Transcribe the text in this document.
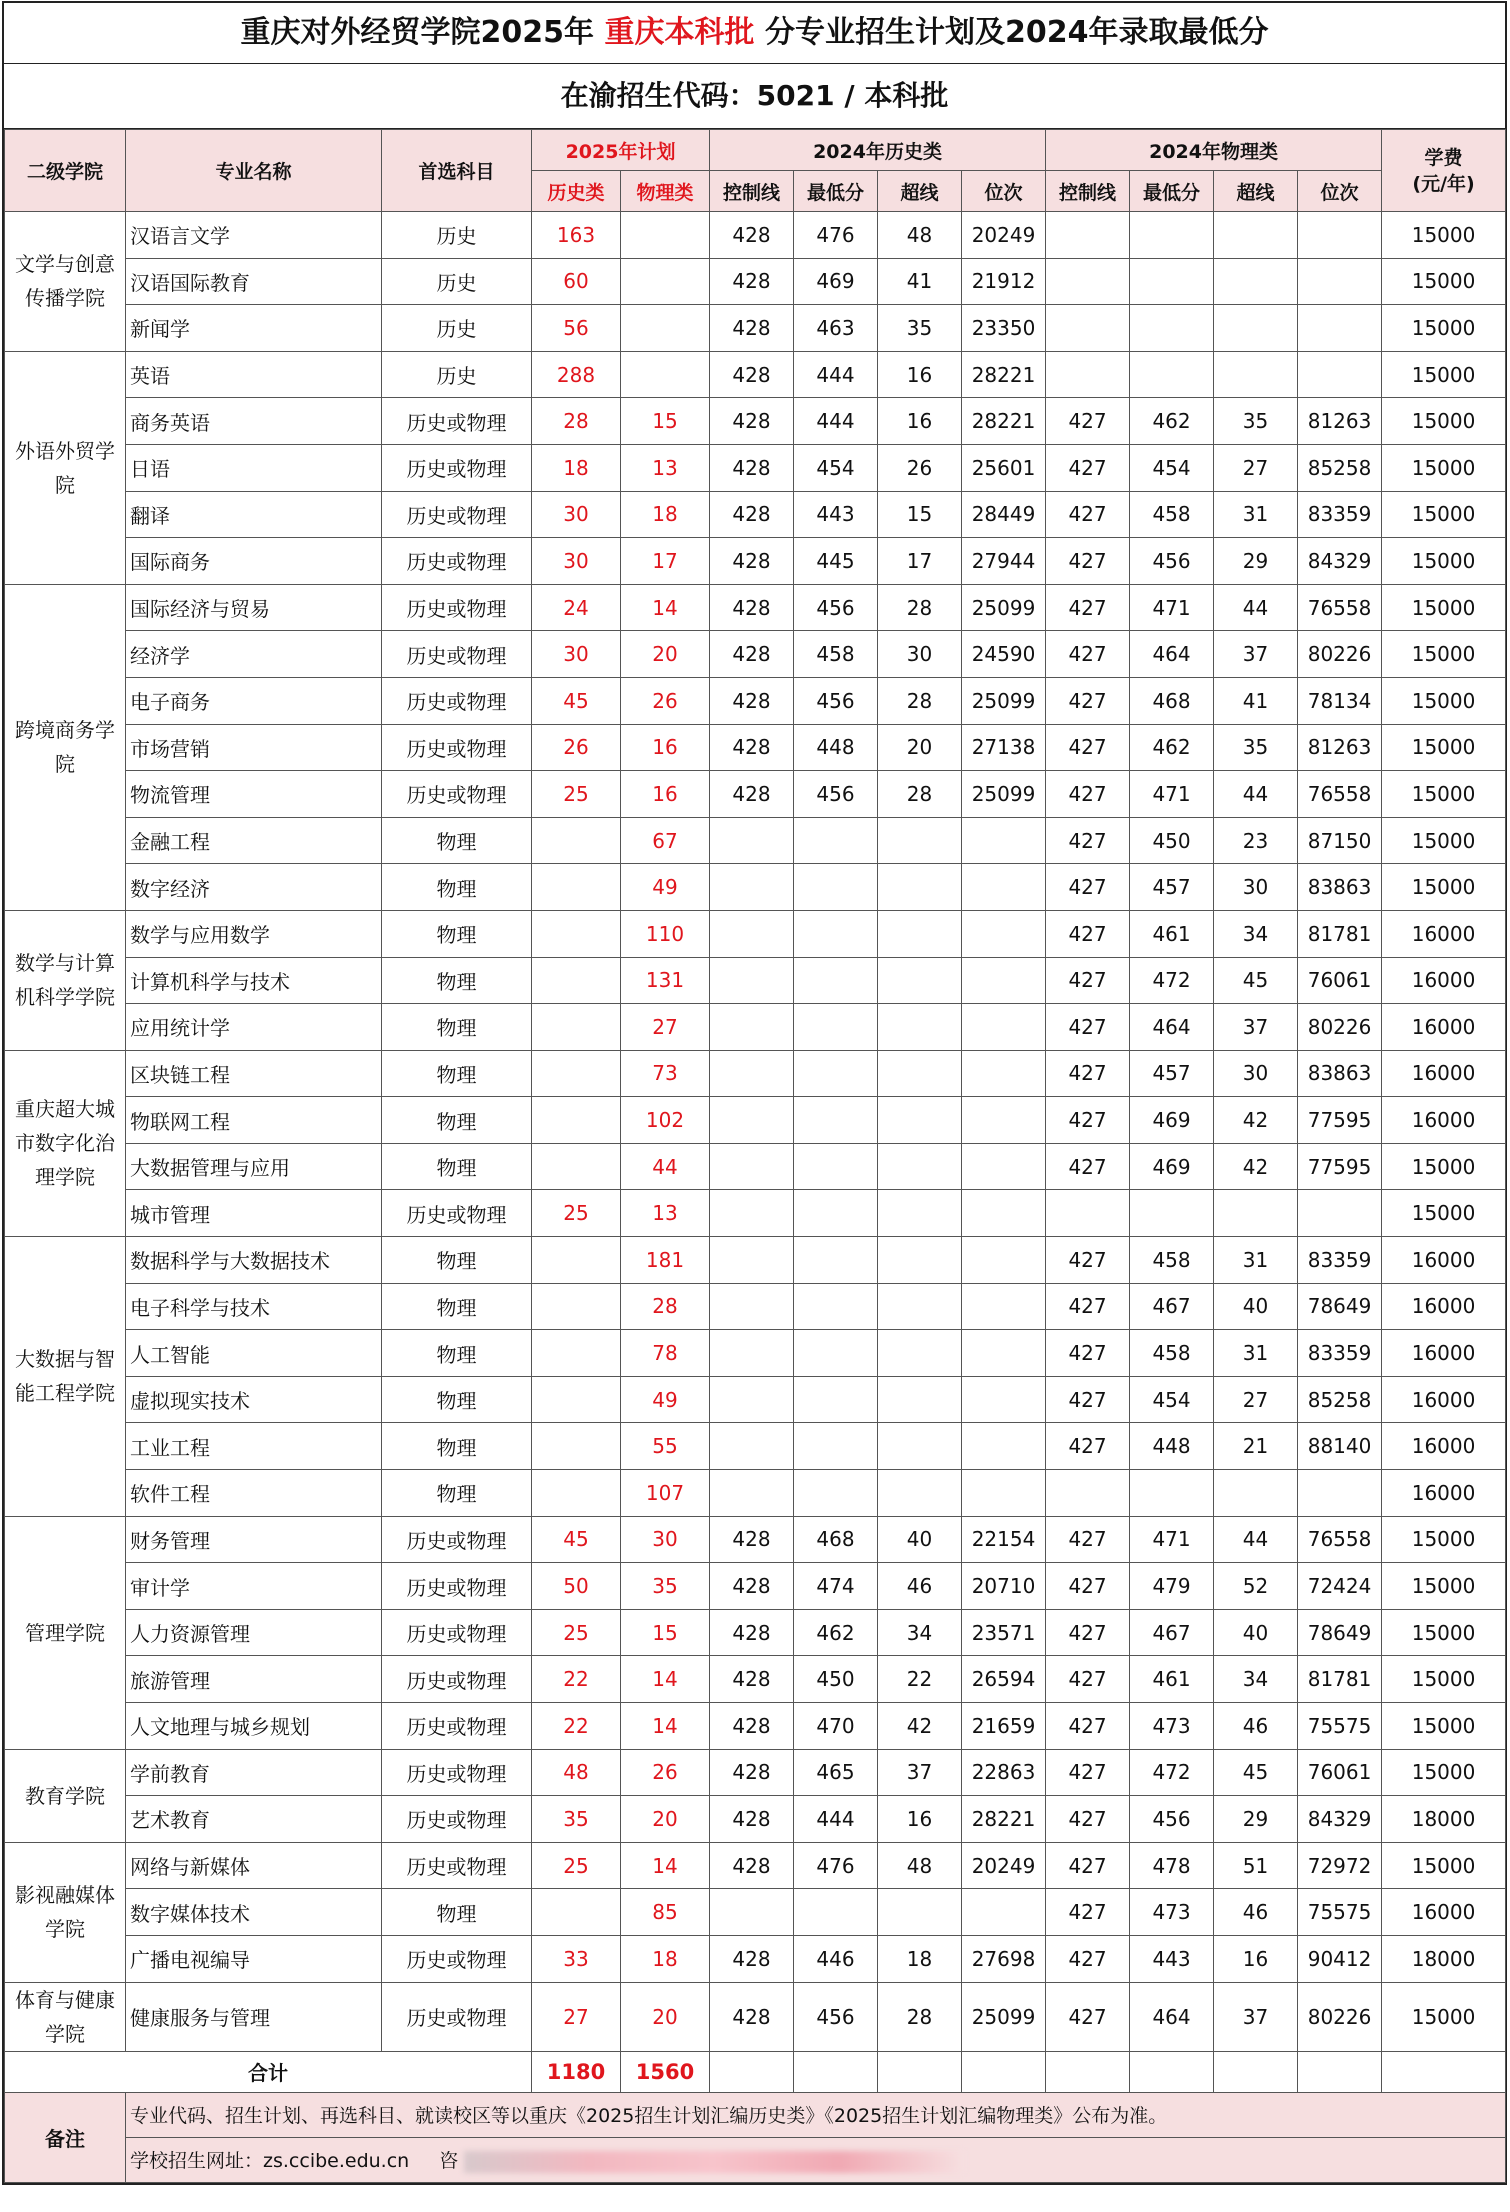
重庆对外经贸学院2025年 重庆本科批 分专业招生计划及2024年录取最低分
在渝招生代码：5021 / 本科批
二级学院	专业名称	首选科目	2025年计划		2024年历史类				2024年物理类				学费
(元/年)
			历史类	物理类	控制线	最低分	超线	位次	控制线	最低分	超线	位次	
文学与创意传播学院	汉语言文学	历史	163		428	476	48	20249					15000
	汉语国际教育	历史	60		428	469	41	21912					15000
	新闻学	历史	56		428	463	35	23350					15000
外语外贸学院	英语	历史	288		428	444	16	28221					15000
	商务英语	历史或物理	28	15	428	444	16	28221	427	462	35	81263	15000
	日语	历史或物理	18	13	428	454	26	25601	427	454	27	85258	15000
	翻译	历史或物理	30	18	428	443	15	28449	427	458	31	83359	15000
	国际商务	历史或物理	30	17	428	445	17	27944	427	456	29	84329	15000
跨境商务学院	国际经济与贸易	历史或物理	24	14	428	456	28	25099	427	471	44	76558	15000
	经济学	历史或物理	30	20	428	458	30	24590	427	464	37	80226	15000
	电子商务	历史或物理	45	26	428	456	28	25099	427	468	41	78134	15000
	市场营销	历史或物理	26	16	428	448	20	27138	427	462	35	81263	15000
	物流管理	历史或物理	25	16	428	456	28	25099	427	471	44	76558	15000
	金融工程	物理		67					427	450	23	87150	15000
	数字经济	物理		49					427	457	30	83863	15000
数学与计算机科学学院	数学与应用数学	物理		110					427	461	34	81781	16000
	计算机科学与技术	物理		131					427	472	45	76061	16000
	应用统计学	物理		27					427	464	37	80226	16000
重庆超大城市数字化治理学院	区块链工程	物理		73					427	457	30	83863	16000
	物联网工程	物理		102					427	469	42	77595	16000
	大数据管理与应用	物理		44					427	469	42	77595	15000
	城市管理	历史或物理	25	13									15000
大数据与智能工程学院	数据科学与大数据技术	物理		181					427	458	31	83359	16000
	电子科学与技术	物理		28					427	467	40	78649	16000
	人工智能	物理		78					427	458	31	83359	16000
	虚拟现实技术	物理		49					427	454	27	85258	16000
	工业工程	物理		55					427	448	21	88140	16000
	软件工程	物理		107									16000
管理学院	财务管理	历史或物理	45	30	428	468	40	22154	427	471	44	76558	15000
	审计学	历史或物理	50	35	428	474	46	20710	427	479	52	72424	15000
	人力资源管理	历史或物理	25	15	428	462	34	23571	427	467	40	78649	15000
	旅游管理	历史或物理	22	14	428	450	22	26594	427	461	34	81781	15000
	人文地理与城乡规划	历史或物理	22	14	428	470	42	21659	427	473	46	75575	15000
教育学院	学前教育	历史或物理	48	26	428	465	37	22863	427	472	45	76061	15000
	艺术教育	历史或物理	35	20	428	444	16	28221	427	456	29	84329	18000
影视融媒体学院	网络与新媒体	历史或物理	25	14	428	476	48	20249	427	478	51	72972	15000
	数字媒体技术	物理		85					427	473	46	75575	16000
	广播电视编导	历史或物理	33	18	428	446	18	27698	427	443	16	90412	18000
体育与健康学院	健康服务与管理	历史或物理	27	20	428	456	28	25099	427	464	37	80226	15000
合计			1180	1560									
备注	专业代码、招生计划、再选科目、就读校区等以重庆《2025招生计划汇编历史类》《2025招生计划汇编物理类》公布为准。												
	学校招生网址：zs.ccibe.edu.cn 咨												
